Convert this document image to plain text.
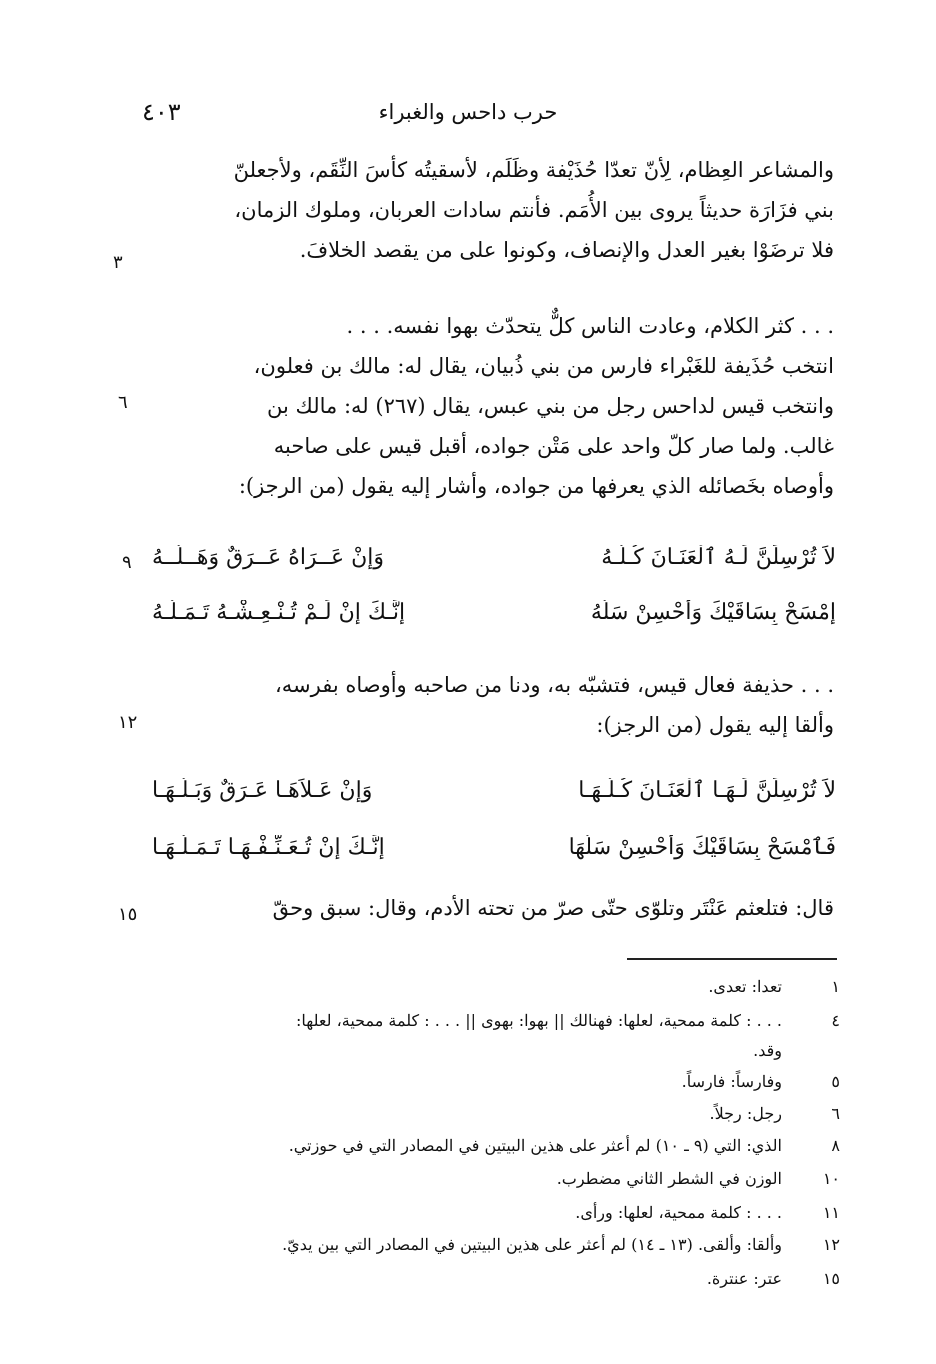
حرب داحس والغبراء
٤٠٣
والمشاعر العِظام، لِأنّ تعدّا حُذَيْفة وظَلَم، لأسقيتُه كأسَ النِّقَم، ولأجعلنّ
بني فزَارَة حديثاً يروى بين الأُمَم. فأنتم سادات العربان، وملوك الزمان،
فلا ترضَوْا بغير العدل والإنصاف، وكونوا على من يقصد الخلافَ.
٣
. . . كثر الكلام، وعادت الناس كلٌّ يتحدّث بهوا نفسه. . . .
انتخب حُذَيفة للغَبْراء فارس من بني ذُبيان، يقال له: مالك بن فعلون،
وانتخب قيس لداحس رجل من بني عبس، يقال (٢٦٧) له: مالك بن
غالب. ولما صار كلّ واحد على مَتْن جواده، أقبل قيس على صاحبه
وأوصاه بخَصائله الذي يعرفها من جواده، وأشار إليه يقول (من الرجز):
٦
لاَ تُرْسِلَنَّ لَـهُ ٱلْعَنَـانَ كُـلَّـهُ
وَإِنْ عَــرَاهُ عَــرَقٌ وَهَــلَّــهُ
٩
إِمْسَحْ بِسَاقَيْكَ وَأَحْسِنْ سَلَّهُ
إِنَّـكَ إِنْ لَـمْ تُـنْـعِـشْـهُ تَـمَـلُّـهُ
. . . حذيفة فعال قيس، فتشبّه به، ودنا من صاحبه وأوصاه بفرسه،
وألقا إليه يقول (من الرجز):
١٢
لاَ تُرْسِلَنَّ لَـهَـا ٱلْعَنَـانَ كُـلَّـهَـا
وَإِنْ عَـلاَهَـا عَـرَقٌ وَبَـلَّـهَـا
فَٱمْسَحْ بِسَاقَيْكَ وَأَحْسِنْ سَلَّهَا
إِنَّـكَ إِنْ تُـعَـنِّـفْـهَـا تَـمَـلَّـهَـا
قال: فتلعثم عَنْتَر وتلوّى حتّى صرّ من تحته الأدم، وقال: سبق وحقّ
١٥
١
تعدا: تعدى.
٤
. . . : كلمة ممحية، لعلها: فهنالك || بهوا: بهوى || . . . : كلمة ممحية، لعلها:
وقد.
٥
وفارساً: فارساً.
٦
رجل: رجلاً.
٨
الذي: التي (٩ ـ ١٠) لم أعثر على هذين البيتين في المصادر التي في حوزتي.
١٠
الوزن في الشطر الثاني مضطرب.
١١
. . . : كلمة ممحية، لعلها: ورأى.
١٢
وألقا: وألقى. (١٣ ـ ١٤) لم أعثر على هذين البيتين في المصادر التي بين يديّ.
١٥
عتر: عنترة.
